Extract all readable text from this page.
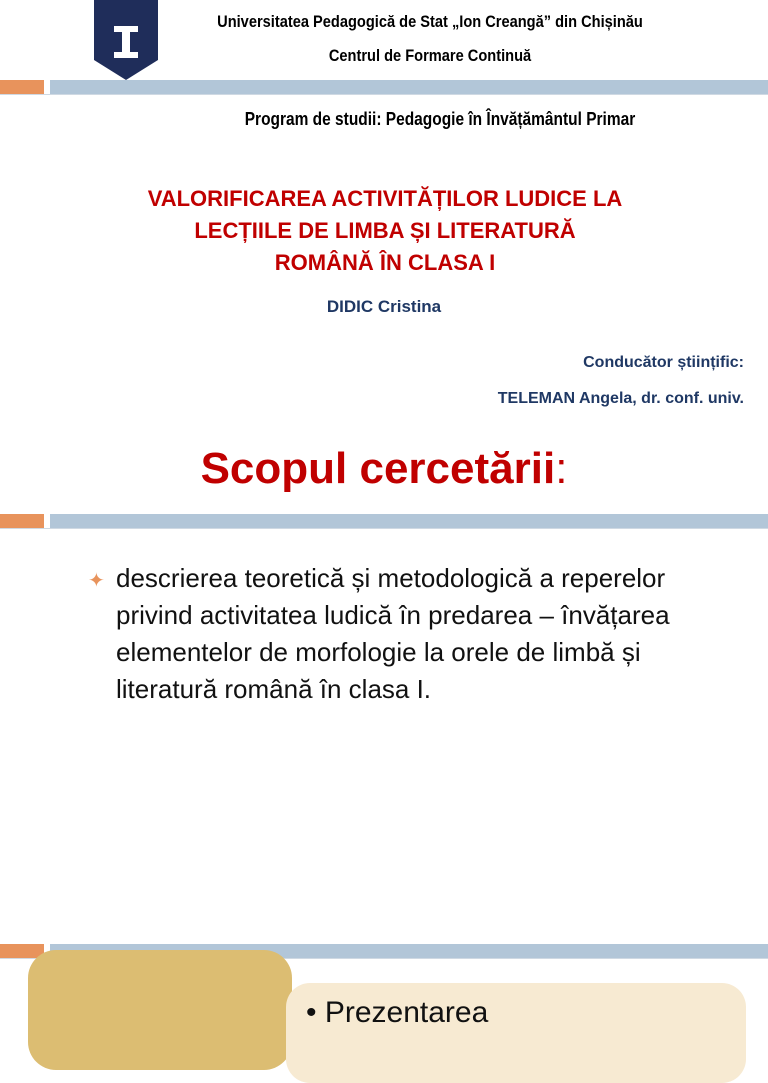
Universitatea Pedagogică de Stat „Ion Creangă” din Chișinău
Centrul de Formare Continuă
Program de studii: Pedagogie în Învățământul Primar
VALORIFICAREA ACTIVITĂȚILOR LUDICE LA
LECȚIILE DE LIMBA ȘI LITERATURĂ
ROMÂNĂ ÎN CLASA I
DIDIC Cristina
Conducător științific:
TELEMAN Angela, dr. conf. univ.
Scopul cercetării:
✦ descrierea teoretică și metodologică a reperelor privind activitatea ludică în predarea – învățarea elementelor de morfologie la orele de limbă și literatură română în clasa I.
• Prezentarea
